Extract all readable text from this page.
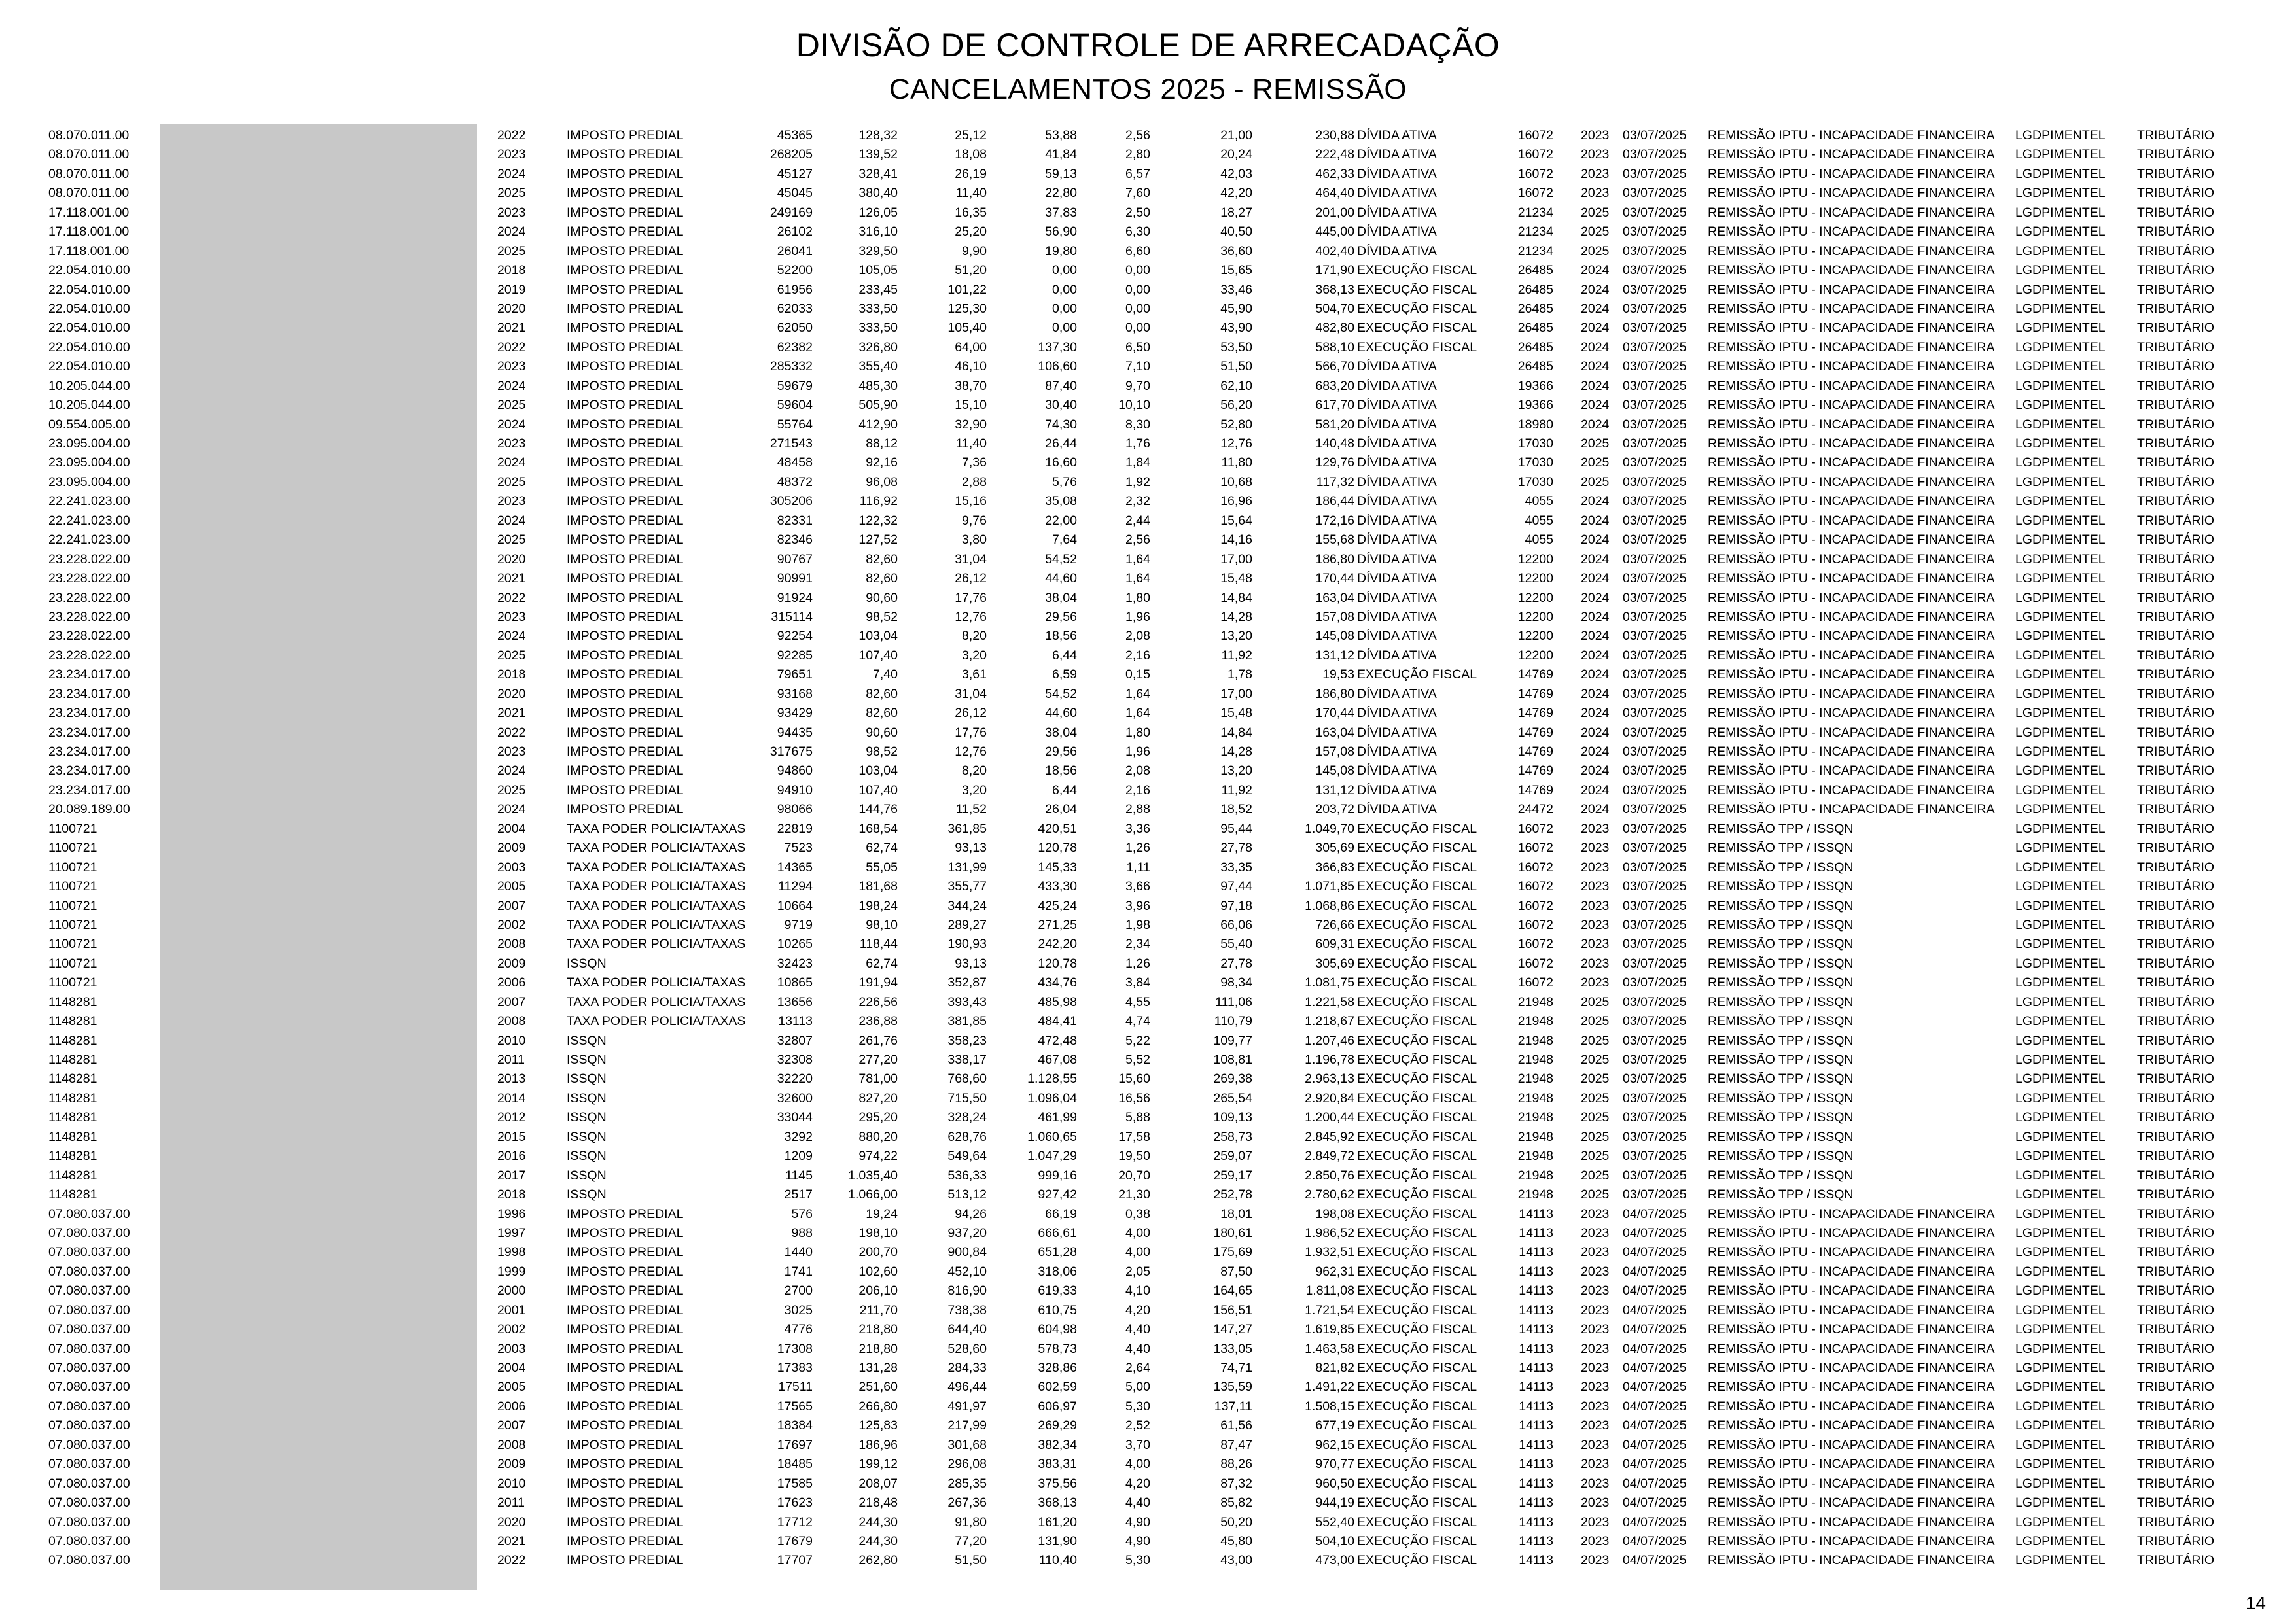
DIVISÃO DE CONTROLE DE ARRECADAÇÃO
CANCELAMENTOS 2025 - REMISSÃO
08.070.011.00	2022	IMPOSTO PREDIAL	45365	128,32	25,12	53,88	2,56	21,00	230,88 DÍVIDA ATIVA	16072 2023	03/07/2025	REMISSÃO IPTU - INCAPACIDADE FINANCEIRA	LGDPIMENTEL TRIBUTÁRIO
08.070.011.00	2023	IMPOSTO PREDIAL	268205	139,52	18,08	41,84	2,80	20,24	222,48 DÍVIDA ATIVA	16072 2023	03/07/2025	REMISSÃO IPTU - INCAPACIDADE FINANCEIRA	LGDPIMENTEL TRIBUTÁRIO
08.070.011.00	2024	IMPOSTO PREDIAL	45127	328,41	26,19	59,13	6,57	42,03	462,33 DÍVIDA ATIVA	16072 2023	03/07/2025	REMISSÃO IPTU - INCAPACIDADE FINANCEIRA	LGDPIMENTEL TRIBUTÁRIO
08.070.011.00	2025	IMPOSTO PREDIAL	45045	380,40	11,40	22,80	7,60	42,20	464,40 DÍVIDA ATIVA	16072 2023	03/07/2025	REMISSÃO IPTU - INCAPACIDADE FINANCEIRA	LGDPIMENTEL TRIBUTÁRIO
17.118.001.00	2023	IMPOSTO PREDIAL	249169	126,05	16,35	37,83	2,50	18,27	201,00 DÍVIDA ATIVA	21234 2025	03/07/2025	REMISSÃO IPTU - INCAPACIDADE FINANCEIRA	LGDPIMENTEL TRIBUTÁRIO
17.118.001.00	2024	IMPOSTO PREDIAL	26102	316,10	25,20	56,90	6,30	40,50	445,00 DÍVIDA ATIVA	21234 2025	03/07/2025	REMISSÃO IPTU - INCAPACIDADE FINANCEIRA	LGDPIMENTEL TRIBUTÁRIO
17.118.001.00	2025	IMPOSTO PREDIAL	26041	329,50	9,90	19,80	6,60	36,60	402,40 DÍVIDA ATIVA	21234 2025	03/07/2025	REMISSÃO IPTU - INCAPACIDADE FINANCEIRA	LGDPIMENTEL TRIBUTÁRIO
22.054.010.00	2018	IMPOSTO PREDIAL	52200	105,05	51,20	0,00	0,00	15,65	171,90 EXECUÇÃO FISCAL	26485 2024	03/07/2025	REMISSÃO IPTU - INCAPACIDADE FINANCEIRA	LGDPIMENTEL TRIBUTÁRIO
22.054.010.00	2019	IMPOSTO PREDIAL	61956	233,45	101,22	0,00	0,00	33,46	368,13 EXECUÇÃO FISCAL	26485 2024	03/07/2025	REMISSÃO IPTU - INCAPACIDADE FINANCEIRA	LGDPIMENTEL TRIBUTÁRIO
22.054.010.00	2020	IMPOSTO PREDIAL	62033	333,50	125,30	0,00	0,00	45,90	504,70 EXECUÇÃO FISCAL	26485 2024	03/07/2025	REMISSÃO IPTU - INCAPACIDADE FINANCEIRA	LGDPIMENTEL TRIBUTÁRIO
22.054.010.00	2021	IMPOSTO PREDIAL	62050	333,50	105,40	0,00	0,00	43,90	482,80 EXECUÇÃO FISCAL	26485 2024	03/07/2025	REMISSÃO IPTU - INCAPACIDADE FINANCEIRA	LGDPIMENTEL TRIBUTÁRIO
22.054.010.00	2022	IMPOSTO PREDIAL	62382	326,80	64,00	137,30	6,50	53,50	588,10 EXECUÇÃO FISCAL	26485 2024	03/07/2025	REMISSÃO IPTU - INCAPACIDADE FINANCEIRA	LGDPIMENTEL TRIBUTÁRIO
22.054.010.00	2023	IMPOSTO PREDIAL	285332	355,40	46,10	106,60	7,10	51,50	566,70 DÍVIDA ATIVA	26485 2024	03/07/2025	REMISSÃO IPTU - INCAPACIDADE FINANCEIRA	LGDPIMENTEL TRIBUTÁRIO
10.205.044.00	2024	IMPOSTO PREDIAL	59679	485,30	38,70	87,40	9,70	62,10	683,20 DÍVIDA ATIVA	19366 2024	03/07/2025	REMISSÃO IPTU - INCAPACIDADE FINANCEIRA	LGDPIMENTEL TRIBUTÁRIO
10.205.044.00	2025	IMPOSTO PREDIAL	59604	505,90	15,10	30,40	10,10	56,20	617,70 DÍVIDA ATIVA	19366 2024	03/07/2025	REMISSÃO IPTU - INCAPACIDADE FINANCEIRA	LGDPIMENTEL TRIBUTÁRIO
09.554.005.00	2024	IMPOSTO PREDIAL	55764	412,90	32,90	74,30	8,30	52,80	581,20 DÍVIDA ATIVA	18980 2024	03/07/2025	REMISSÃO IPTU - INCAPACIDADE FINANCEIRA	LGDPIMENTEL TRIBUTÁRIO
23.095.004.00	2023	IMPOSTO PREDIAL	271543	88,12	11,40	26,44	1,76	12,76	140,48 DÍVIDA ATIVA	17030 2025	03/07/2025	REMISSÃO IPTU - INCAPACIDADE FINANCEIRA	LGDPIMENTEL TRIBUTÁRIO
23.095.004.00	2024	IMPOSTO PREDIAL	48458	92,16	7,36	16,60	1,84	11,80	129,76 DÍVIDA ATIVA	17030 2025	03/07/2025	REMISSÃO IPTU - INCAPACIDADE FINANCEIRA	LGDPIMENTEL TRIBUTÁRIO
23.095.004.00	2025	IMPOSTO PREDIAL	48372	96,08	2,88	5,76	1,92	10,68	117,32 DÍVIDA ATIVA	17030 2025	03/07/2025	REMISSÃO IPTU - INCAPACIDADE FINANCEIRA	LGDPIMENTEL TRIBUTÁRIO
22.241.023.00	2023	IMPOSTO PREDIAL	305206	116,92	15,16	35,08	2,32	16,96	186,44 DÍVIDA ATIVA	4055 2024	03/07/2025	REMISSÃO IPTU - INCAPACIDADE FINANCEIRA	LGDPIMENTEL TRIBUTÁRIO
22.241.023.00	2024	IMPOSTO PREDIAL	82331	122,32	9,76	22,00	2,44	15,64	172,16 DÍVIDA ATIVA	4055 2024	03/07/2025	REMISSÃO IPTU - INCAPACIDADE FINANCEIRA	LGDPIMENTEL TRIBUTÁRIO
22.241.023.00	2025	IMPOSTO PREDIAL	82346	127,52	3,80	7,64	2,56	14,16	155,68 DÍVIDA ATIVA	4055 2024	03/07/2025	REMISSÃO IPTU - INCAPACIDADE FINANCEIRA	LGDPIMENTEL TRIBUTÁRIO
23.228.022.00	2020	IMPOSTO PREDIAL	90767	82,60	31,04	54,52	1,64	17,00	186,80 DÍVIDA ATIVA	12200 2024	03/07/2025	REMISSÃO IPTU - INCAPACIDADE FINANCEIRA	LGDPIMENTEL TRIBUTÁRIO
23.228.022.00	2021	IMPOSTO PREDIAL	90991	82,60	26,12	44,60	1,64	15,48	170,44 DÍVIDA ATIVA	12200 2024	03/07/2025	REMISSÃO IPTU - INCAPACIDADE FINANCEIRA	LGDPIMENTEL TRIBUTÁRIO
23.228.022.00	2022	IMPOSTO PREDIAL	91924	90,60	17,76	38,04	1,80	14,84	163,04 DÍVIDA ATIVA	12200 2024	03/07/2025	REMISSÃO IPTU - INCAPACIDADE FINANCEIRA	LGDPIMENTEL TRIBUTÁRIO
23.228.022.00	2023	IMPOSTO PREDIAL	315114	98,52	12,76	29,56	1,96	14,28	157,08 DÍVIDA ATIVA	12200 2024	03/07/2025	REMISSÃO IPTU - INCAPACIDADE FINANCEIRA	LGDPIMENTEL TRIBUTÁRIO
23.228.022.00	2024	IMPOSTO PREDIAL	92254	103,04	8,20	18,56	2,08	13,20	145,08 DÍVIDA ATIVA	12200 2024	03/07/2025	REMISSÃO IPTU - INCAPACIDADE FINANCEIRA	LGDPIMENTEL TRIBUTÁRIO
23.228.022.00	2025	IMPOSTO PREDIAL	92285	107,40	3,20	6,44	2,16	11,92	131,12 DÍVIDA ATIVA	12200 2024	03/07/2025	REMISSÃO IPTU - INCAPACIDADE FINANCEIRA	LGDPIMENTEL TRIBUTÁRIO
23.234.017.00	2018	IMPOSTO PREDIAL	79651	7,40	3,61	6,59	0,15	1,78	19,53 EXECUÇÃO FISCAL	14769 2024	03/07/2025	REMISSÃO IPTU - INCAPACIDADE FINANCEIRA	LGDPIMENTEL TRIBUTÁRIO
23.234.017.00	2020	IMPOSTO PREDIAL	93168	82,60	31,04	54,52	1,64	17,00	186,80 DÍVIDA ATIVA	14769 2024	03/07/2025	REMISSÃO IPTU - INCAPACIDADE FINANCEIRA	LGDPIMENTEL TRIBUTÁRIO
23.234.017.00	2021	IMPOSTO PREDIAL	93429	82,60	26,12	44,60	1,64	15,48	170,44 DÍVIDA ATIVA	14769 2024	03/07/2025	REMISSÃO IPTU - INCAPACIDADE FINANCEIRA	LGDPIMENTEL TRIBUTÁRIO
23.234.017.00	2022	IMPOSTO PREDIAL	94435	90,60	17,76	38,04	1,80	14,84	163,04 DÍVIDA ATIVA	14769 2024	03/07/2025	REMISSÃO IPTU - INCAPACIDADE FINANCEIRA	LGDPIMENTEL TRIBUTÁRIO
23.234.017.00	2023	IMPOSTO PREDIAL	317675	98,52	12,76	29,56	1,96	14,28	157,08 DÍVIDA ATIVA	14769 2024	03/07/2025	REMISSÃO IPTU - INCAPACIDADE FINANCEIRA	LGDPIMENTEL TRIBUTÁRIO
23.234.017.00	2024	IMPOSTO PREDIAL	94860	103,04	8,20	18,56	2,08	13,20	145,08 DÍVIDA ATIVA	14769 2024	03/07/2025	REMISSÃO IPTU - INCAPACIDADE FINANCEIRA	LGDPIMENTEL TRIBUTÁRIO
23.234.017.00	2025	IMPOSTO PREDIAL	94910	107,40	3,20	6,44	2,16	11,92	131,12 DÍVIDA ATIVA	14769 2024	03/07/2025	REMISSÃO IPTU - INCAPACIDADE FINANCEIRA	LGDPIMENTEL TRIBUTÁRIO
20.089.189.00	2024	IMPOSTO PREDIAL	98066	144,76	11,52	26,04	2,88	18,52	203,72 DÍVIDA ATIVA	24472 2024	03/07/2025	REMISSÃO IPTU - INCAPACIDADE FINANCEIRA	LGDPIMENTEL TRIBUTÁRIO
1100721	2004	TAXA PODER POLICIA/TAXAS	22819	168,54	361,85	420,51	3,36	95,44	1.049,70 EXECUÇÃO FISCAL	16072 2023	03/07/2025	REMISSÃO TPP / ISSQN	LGDPIMENTEL TRIBUTÁRIO
1100721	2009	TAXA PODER POLICIA/TAXAS	7523	62,74	93,13	120,78	1,26	27,78	305,69 EXECUÇÃO FISCAL	16072 2023	03/07/2025	REMISSÃO TPP / ISSQN	LGDPIMENTEL TRIBUTÁRIO
1100721	2003	TAXA PODER POLICIA/TAXAS	14365	55,05	131,99	145,33	1,11	33,35	366,83 EXECUÇÃO FISCAL	16072 2023	03/07/2025	REMISSÃO TPP / ISSQN	LGDPIMENTEL TRIBUTÁRIO
1100721	2005	TAXA PODER POLICIA/TAXAS	11294	181,68	355,77	433,30	3,66	97,44	1.071,85 EXECUÇÃO FISCAL	16072 2023	03/07/2025	REMISSÃO TPP / ISSQN	LGDPIMENTEL TRIBUTÁRIO
1100721	2007	TAXA PODER POLICIA/TAXAS	10664	198,24	344,24	425,24	3,96	97,18	1.068,86 EXECUÇÃO FISCAL	16072 2023	03/07/2025	REMISSÃO TPP / ISSQN	LGDPIMENTEL TRIBUTÁRIO
1100721	2002	TAXA PODER POLICIA/TAXAS	9719	98,10	289,27	271,25	1,98	66,06	726,66 EXECUÇÃO FISCAL	16072 2023	03/07/2025	REMISSÃO TPP / ISSQN	LGDPIMENTEL TRIBUTÁRIO
1100721	2008	TAXA PODER POLICIA/TAXAS	10265	118,44	190,93	242,20	2,34	55,40	609,31 EXECUÇÃO FISCAL	16072 2023	03/07/2025	REMISSÃO TPP / ISSQN	LGDPIMENTEL TRIBUTÁRIO
1100721	2009	ISSQN	32423	62,74	93,13	120,78	1,26	27,78	305,69 EXECUÇÃO FISCAL	16072 2023	03/07/2025	REMISSÃO TPP / ISSQN	LGDPIMENTEL TRIBUTÁRIO
1100721	2006	TAXA PODER POLICIA/TAXAS	10865	191,94	352,87	434,76	3,84	98,34	1.081,75 EXECUÇÃO FISCAL	16072 2023	03/07/2025	REMISSÃO TPP / ISSQN	LGDPIMENTEL TRIBUTÁRIO
1148281	2007	TAXA PODER POLICIA/TAXAS	13656	226,56	393,43	485,98	4,55	111,06	1.221,58 EXECUÇÃO FISCAL	21948 2025	03/07/2025	REMISSÃO TPP / ISSQN	LGDPIMENTEL TRIBUTÁRIO
1148281	2008	TAXA PODER POLICIA/TAXAS	13113	236,88	381,85	484,41	4,74	110,79	1.218,67 EXECUÇÃO FISCAL	21948 2025	03/07/2025	REMISSÃO TPP / ISSQN	LGDPIMENTEL TRIBUTÁRIO
1148281	2010	ISSQN	32807	261,76	358,23	472,48	5,22	109,77	1.207,46 EXECUÇÃO FISCAL	21948 2025	03/07/2025	REMISSÃO TPP / ISSQN	LGDPIMENTEL TRIBUTÁRIO
1148281	2011	ISSQN	32308	277,20	338,17	467,08	5,52	108,81	1.196,78 EXECUÇÃO FISCAL	21948 2025	03/07/2025	REMISSÃO TPP / ISSQN	LGDPIMENTEL TRIBUTÁRIO
1148281	2013	ISSQN	32220	781,00	768,60	1.128,55	15,60	269,38	2.963,13 EXECUÇÃO FISCAL	21948 2025	03/07/2025	REMISSÃO TPP / ISSQN	LGDPIMENTEL TRIBUTÁRIO
1148281	2014	ISSQN	32600	827,20	715,50	1.096,04	16,56	265,54	2.920,84 EXECUÇÃO FISCAL	21948 2025	03/07/2025	REMISSÃO TPP / ISSQN	LGDPIMENTEL TRIBUTÁRIO
1148281	2012	ISSQN	33044	295,20	328,24	461,99	5,88	109,13	1.200,44 EXECUÇÃO FISCAL	21948 2025	03/07/2025	REMISSÃO TPP / ISSQN	LGDPIMENTEL TRIBUTÁRIO
1148281	2015	ISSQN	3292	880,20	628,76	1.060,65	17,58	258,73	2.845,92 EXECUÇÃO FISCAL	21948 2025	03/07/2025	REMISSÃO TPP / ISSQN	LGDPIMENTEL TRIBUTÁRIO
1148281	2016	ISSQN	1209	974,22	549,64	1.047,29	19,50	259,07	2.849,72 EXECUÇÃO FISCAL	21948 2025	03/07/2025	REMISSÃO TPP / ISSQN	LGDPIMENTEL TRIBUTÁRIO
1148281	2017	ISSQN	1145	1.035,40	536,33	999,16	20,70	259,17	2.850,76 EXECUÇÃO FISCAL	21948 2025	03/07/2025	REMISSÃO TPP / ISSQN	LGDPIMENTEL TRIBUTÁRIO
1148281	2018	ISSQN	2517	1.066,00	513,12	927,42	21,30	252,78	2.780,62 EXECUÇÃO FISCAL	21948 2025	03/07/2025	REMISSÃO TPP / ISSQN	LGDPIMENTEL TRIBUTÁRIO
07.080.037.00	1996	IMPOSTO PREDIAL	576	19,24	94,26	66,19	0,38	18,01	198,08 EXECUÇÃO FISCAL	14113 2023	04/07/2025	REMISSÃO IPTU - INCAPACIDADE FINANCEIRA	LGDPIMENTEL TRIBUTÁRIO
07.080.037.00	1997	IMPOSTO PREDIAL	988	198,10	937,20	666,61	4,00	180,61	1.986,52 EXECUÇÃO FISCAL	14113 2023	04/07/2025	REMISSÃO IPTU - INCAPACIDADE FINANCEIRA	LGDPIMENTEL TRIBUTÁRIO
07.080.037.00	1998	IMPOSTO PREDIAL	1440	200,70	900,84	651,28	4,00	175,69	1.932,51 EXECUÇÃO FISCAL	14113 2023	04/07/2025	REMISSÃO IPTU - INCAPACIDADE FINANCEIRA	LGDPIMENTEL TRIBUTÁRIO
07.080.037.00	1999	IMPOSTO PREDIAL	1741	102,60	452,10	318,06	2,05	87,50	962,31 EXECUÇÃO FISCAL	14113 2023	04/07/2025	REMISSÃO IPTU - INCAPACIDADE FINANCEIRA	LGDPIMENTEL TRIBUTÁRIO
07.080.037.00	2000	IMPOSTO PREDIAL	2700	206,10	816,90	619,33	4,10	164,65	1.811,08 EXECUÇÃO FISCAL	14113 2023	04/07/2025	REMISSÃO IPTU - INCAPACIDADE FINANCEIRA	LGDPIMENTEL TRIBUTÁRIO
07.080.037.00	2001	IMPOSTO PREDIAL	3025	211,70	738,38	610,75	4,20	156,51	1.721,54 EXECUÇÃO FISCAL	14113 2023	04/07/2025	REMISSÃO IPTU - INCAPACIDADE FINANCEIRA	LGDPIMENTEL TRIBUTÁRIO
07.080.037.00	2002	IMPOSTO PREDIAL	4776	218,80	644,40	604,98	4,40	147,27	1.619,85 EXECUÇÃO FISCAL	14113 2023	04/07/2025	REMISSÃO IPTU - INCAPACIDADE FINANCEIRA	LGDPIMENTEL TRIBUTÁRIO
07.080.037.00	2003	IMPOSTO PREDIAL	17308	218,80	528,60	578,73	4,40	133,05	1.463,58 EXECUÇÃO FISCAL	14113 2023	04/07/2025	REMISSÃO IPTU - INCAPACIDADE FINANCEIRA	LGDPIMENTEL TRIBUTÁRIO
07.080.037.00	2004	IMPOSTO PREDIAL	17383	131,28	284,33	328,86	2,64	74,71	821,82 EXECUÇÃO FISCAL	14113 2023	04/07/2025	REMISSÃO IPTU - INCAPACIDADE FINANCEIRA	LGDPIMENTEL TRIBUTÁRIO
07.080.037.00	2005	IMPOSTO PREDIAL	17511	251,60	496,44	602,59	5,00	135,59	1.491,22 EXECUÇÃO FISCAL	14113 2023	04/07/2025	REMISSÃO IPTU - INCAPACIDADE FINANCEIRA	LGDPIMENTEL TRIBUTÁRIO
07.080.037.00	2006	IMPOSTO PREDIAL	17565	266,80	491,97	606,97	5,30	137,11	1.508,15 EXECUÇÃO FISCAL	14113 2023	04/07/2025	REMISSÃO IPTU - INCAPACIDADE FINANCEIRA	LGDPIMENTEL TRIBUTÁRIO
07.080.037.00	2007	IMPOSTO PREDIAL	18384	125,83	217,99	269,29	2,52	61,56	677,19 EXECUÇÃO FISCAL	14113 2023	04/07/2025	REMISSÃO IPTU - INCAPACIDADE FINANCEIRA	LGDPIMENTEL TRIBUTÁRIO
07.080.037.00	2008	IMPOSTO PREDIAL	17697	186,96	301,68	382,34	3,70	87,47	962,15 EXECUÇÃO FISCAL	14113 2023	04/07/2025	REMISSÃO IPTU - INCAPACIDADE FINANCEIRA	LGDPIMENTEL TRIBUTÁRIO
07.080.037.00	2009	IMPOSTO PREDIAL	18485	199,12	296,08	383,31	4,00	88,26	970,77 EXECUÇÃO FISCAL	14113 2023	04/07/2025	REMISSÃO IPTU - INCAPACIDADE FINANCEIRA	LGDPIMENTEL TRIBUTÁRIO
07.080.037.00	2010	IMPOSTO PREDIAL	17585	208,07	285,35	375,56	4,20	87,32	960,50 EXECUÇÃO FISCAL	14113 2023	04/07/2025	REMISSÃO IPTU - INCAPACIDADE FINANCEIRA	LGDPIMENTEL TRIBUTÁRIO
07.080.037.00	2011	IMPOSTO PREDIAL	17623	218,48	267,36	368,13	4,40	85,82	944,19 EXECUÇÃO FISCAL	14113 2023	04/07/2025	REMISSÃO IPTU - INCAPACIDADE FINANCEIRA	LGDPIMENTEL TRIBUTÁRIO
07.080.037.00	2020	IMPOSTO PREDIAL	17712	244,30	91,80	161,20	4,90	50,20	552,40 EXECUÇÃO FISCAL	14113 2023	04/07/2025	REMISSÃO IPTU - INCAPACIDADE FINANCEIRA	LGDPIMENTEL TRIBUTÁRIO
07.080.037.00	2021	IMPOSTO PREDIAL	17679	244,30	77,20	131,90	4,90	45,80	504,10 EXECUÇÃO FISCAL	14113 2023	04/07/2025	REMISSÃO IPTU - INCAPACIDADE FINANCEIRA	LGDPIMENTEL TRIBUTÁRIO
07.080.037.00	2022	IMPOSTO PREDIAL	17707	262,80	51,50	110,40	5,30	43,00	473,00 EXECUÇÃO FISCAL	14113 2023	04/07/2025	REMISSÃO IPTU - INCAPACIDADE FINANCEIRA	LGDPIMENTEL TRIBUTÁRIO
14
